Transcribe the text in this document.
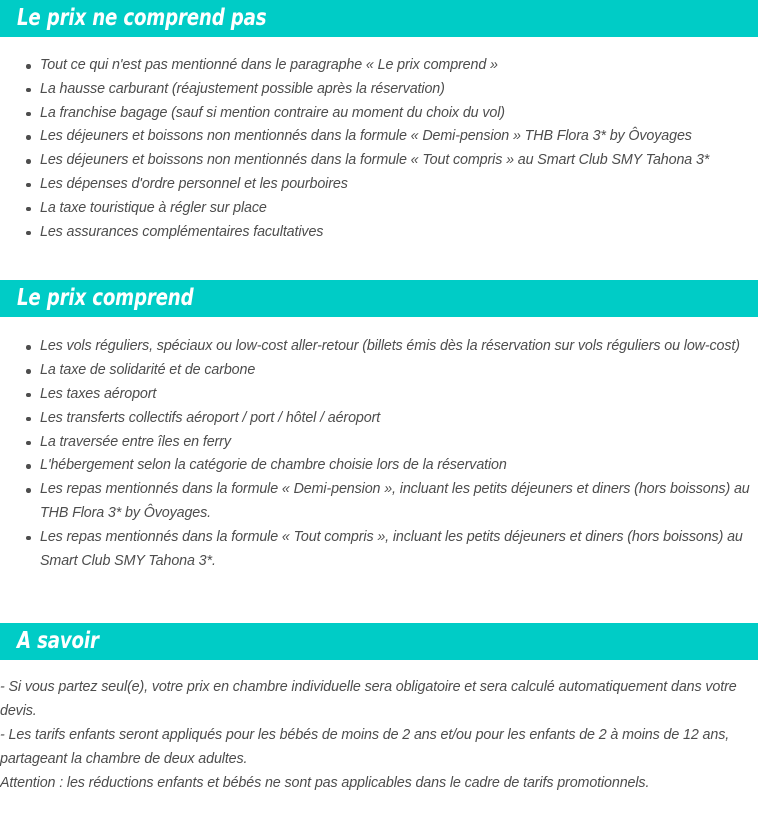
Le prix ne comprend pas
Tout ce qui n'est pas mentionné dans le paragraphe « Le prix comprend »
La hausse carburant (réajustement possible après la réservation)
La franchise bagage (sauf si mention contraire au moment du choix du vol)
Les déjeuners et boissons non mentionnés dans la formule « Demi-pension » THB Flora 3* by Ôvoyages
Les déjeuners et boissons non mentionnés dans la formule « Tout compris » au Smart Club SMY Tahona 3*
Les dépenses d'ordre personnel et les pourboires
La taxe touristique à régler sur place
Les assurances complémentaires facultatives
Le prix comprend
Les vols réguliers, spéciaux ou low-cost aller-retour (billets émis dès la réservation sur vols réguliers ou low-cost)
La taxe de solidarité et de carbone
Les taxes aéroport
Les transferts collectifs aéroport / port / hôtel / aéroport
La traversée entre îles en ferry
L'hébergement selon la catégorie de chambre choisie lors de la réservation
Les repas mentionnés dans la formule « Demi-pension », incluant les petits déjeuners et diners (hors boissons) au THB Flora 3* by Ôvoyages.
Les repas mentionnés dans la formule « Tout compris », incluant les petits déjeuners et diners (hors boissons) au Smart Club SMY Tahona 3*.
A savoir

- Si vous partez seul(e), votre prix en chambre individuelle sera obligatoire et sera calculé automatiquement dans votre devis.

- Les tarifs enfants seront appliqués pour les bébés de moins de 2 ans et/ou pour les enfants de 2 à moins de 12 ans, partageant la chambre de deux adultes.

Attention : les réductions enfants et bébés ne sont pas applicables dans le cadre de tarifs promotionnels.
